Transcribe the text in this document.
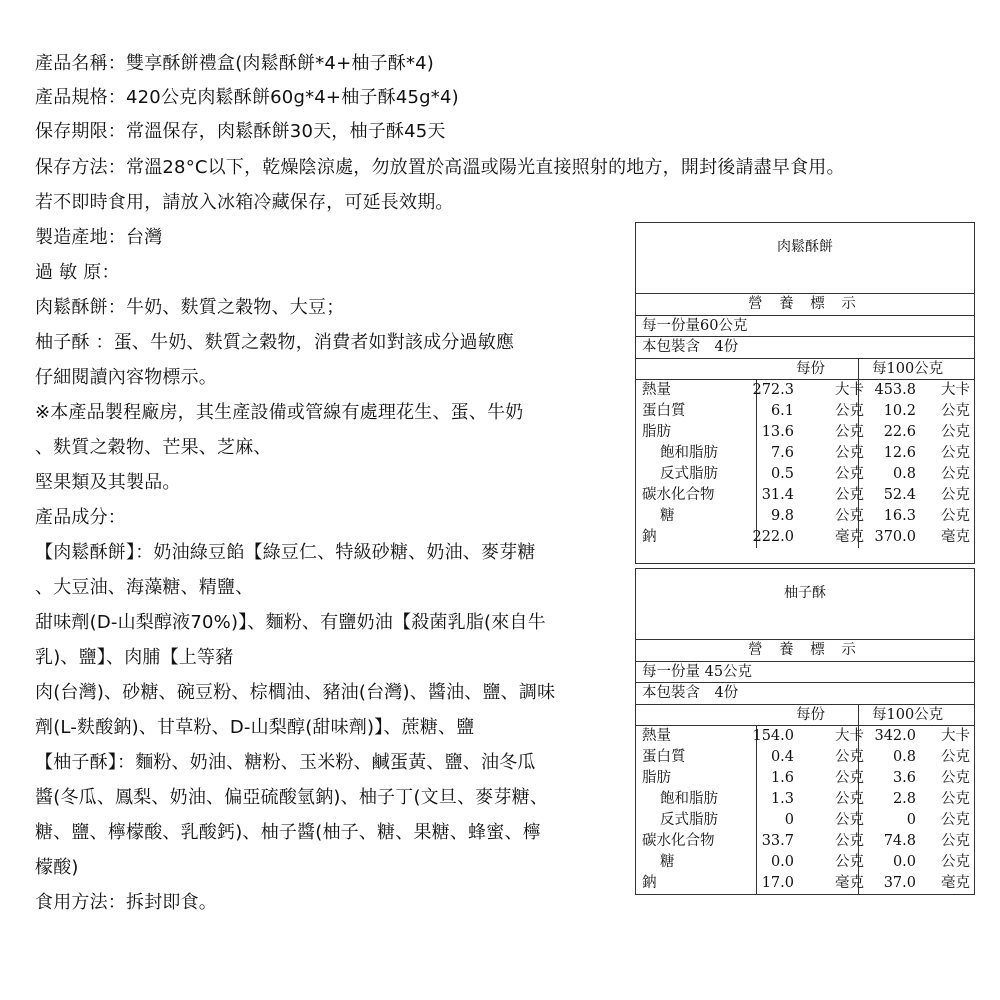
產品名稱：雙享酥餅禮盒(肉鬆酥餅*4+柚子酥*4)
產品規格：420公克肉鬆酥餅60g*4+柚子酥45g*4)
保存期限：常溫保存，肉鬆酥餅30天，柚子酥45天
保存方法：常溫28°C以下，乾燥陰涼處，勿放置於高溫或陽光直接照射的地方，開封後請盡早食用。
若不即時食用，請放入冰箱冷藏保存，可延長效期。
製造產地：台灣
過 敏 原：
肉鬆酥餅：牛奶、麩質之穀物、大豆；
柚子酥 ：蛋、牛奶、麩質之穀物，消費者如對該成分過敏應
仔細閱讀內容物標示。
※本產品製程廠房，其生產設備或管線有處理花生、蛋、牛奶
、麩質之穀物、芒果、芝麻、
堅果類及其製品。
產品成分：
【肉鬆酥餅】：奶油綠豆餡【綠豆仁、特級砂糖、奶油、麥芽糖
、大豆油、海藻糖、精鹽、
甜味劑(D-山梨醇液70%)】、麵粉、有鹽奶油【殺菌乳脂(來自牛
乳)、鹽】、肉脯【上等豬
肉(台灣)、砂糖、碗豆粉、棕櫚油、豬油(台灣)、醬油、鹽、調味
劑(L-麩酸鈉)、甘草粉、D-山梨醇(甜味劑)】、蔗糖、鹽
【柚子酥】：麵粉、奶油、糖粉、玉米粉、鹹蛋黃、鹽、油冬瓜
醬(冬瓜、鳳梨、奶油、偏亞硫酸氫鈉)、柚子丁(文旦、麥芽糖、
糖、鹽、檸檬酸、乳酸鈣)、柚子醬(柚子、糖、果糖、蜂蜜、檸
檬酸)
食用方法：拆封即食。
肉鬆酥餅
營 養 標 示
每一份量60公克
本包裝含　4份
每份	每100公克
熱量	272.3	大卡 453.8 大卡
蛋白質	6.1	公克 10.2 公克
脂肪	13.6	公克 22.6 公克
飽和脂肪	7.6	公克 12.6 公克
反式脂肪	0.5	公克 0.8 公克
碳水化合物	31.4	公克 52.4 公克
糖	9.8	公克 16.3 公克
鈉	222.0	毫克 370.0 毫克
柚子酥
營 養 標 示
每一份量 45公克
本包裝含　4份
每份	每100公克
熱量	154.0	大卡 342.0 大卡
蛋白質	0.4	公克 0.8 公克
脂肪	1.6	公克 3.6 公克
飽和脂肪	1.3	公克 2.8 公克
反式脂肪	0	公克	0 公克
碳水化合物	33.7	公克 74.8 公克
糖	0.0	公克 0.0 公克
鈉	17.0	毫克 37.0 毫克
